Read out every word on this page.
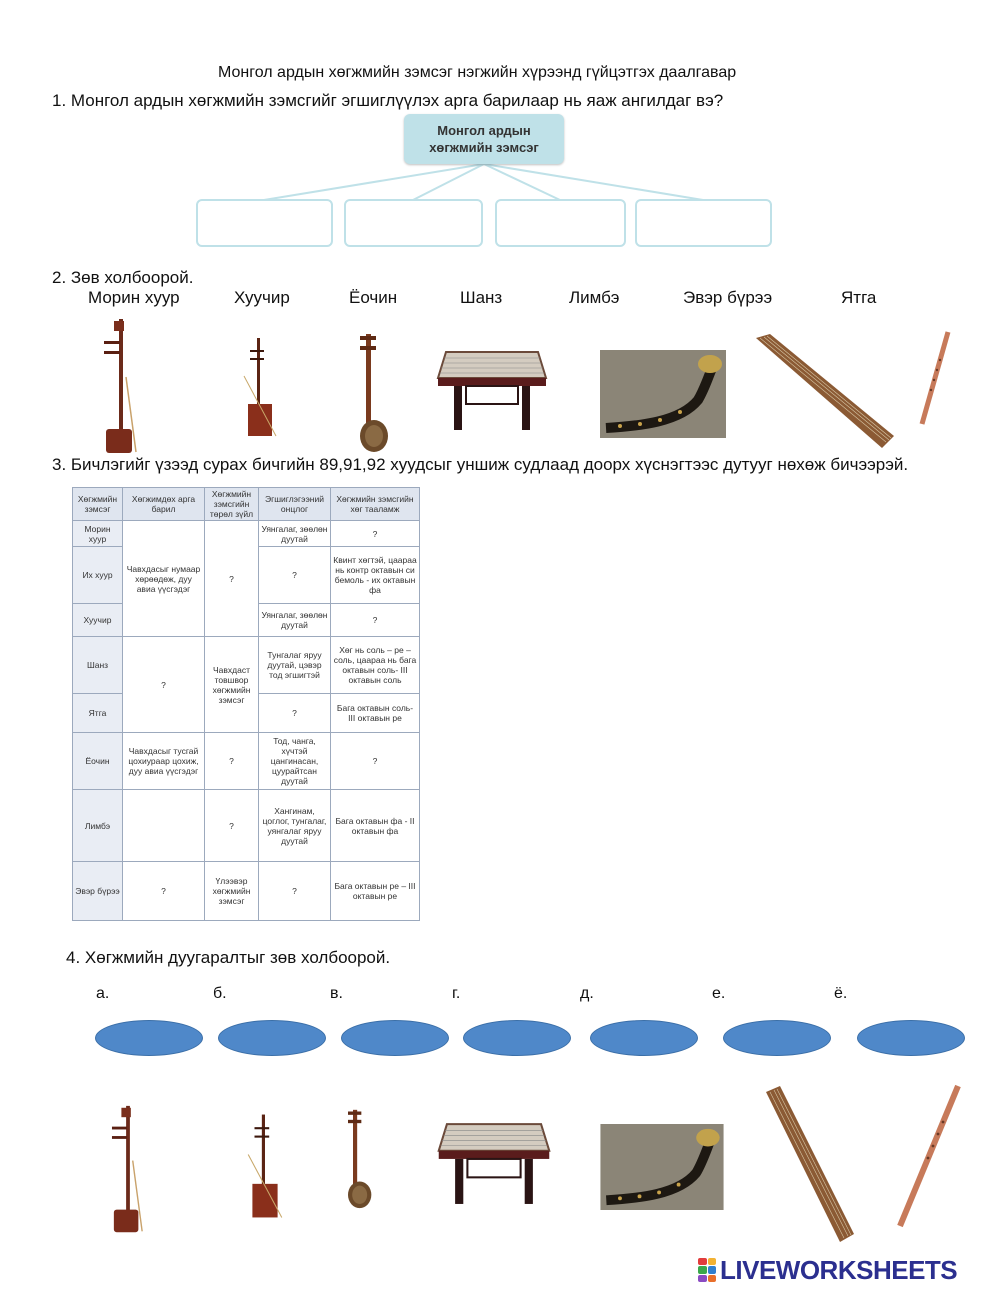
Монгол ардын хөгжмийн зэмсэг нэгжийн хүрээнд гүйцэтгэх даалгавар
1. Монгол ардын хөгжмийн зэмсгийг эгшиглүүлэх арга барилаар нь яаж ангилдаг вэ?
Монгол ардын
хөгжмийн зэмсэг
2. Зөв холбоорой.
Морин хуур	Хуучир	Ёочин	Шанз	Лимбэ	Эвэр бүрээ	Ятга
3. Бичлэгийг үзээд сурах бичгийн 89,91,92 хуудсыг уншиж судлаад доорх хүснэгтээс дутууг нөхөж бичээрэй.
Хөгжмийн зэмсэг	Хөгжимдөх арга барил	Хөгжмийн зэмсгийн төрөл зүйл	Эгшиглэгээний онцлог	Хөгжмийн зэмсгийн хөг тааламж
Морин хуур	Чавхдасыг нумаар хөрөөдөж, дуу авиа үүсгэдэг	?	Уянгалаг, зөөлөн дуутай	?
Их хуур			?	Квинт хөгтэй, цаараа нь контр октавын си бемоль - их октавын фа
Хуучир			Уянгалаг, зөөлөн дуутай	?
Шанз	?	Чавхдаст товшвор хөгжмийн зэмсэг	Тунгалаг яруу дуутай, цэвэр тод эгшигтэй	Хөг нь соль – ре – соль, цаараа нь бага октавын соль- III октавын соль
Ятга			?	Бага октавын соль- III октавын ре
Ёочин	Чавхдасыг тусгай цохиураар цохиж, дуу авиа үүсгэдэг	?	Тод, чанга, хүчтэй цангинасан, цуурайтсан дуутай	?
Лимбэ		?	Хангинам, цоглог, тунгалаг, уянгалаг яруу дуутай	Бага октавын фа - II октавын фа
Эвэр бүрээ	?	Үлээвэр хөгжмийн зэмсэг	?	Бага октавын ре – III октавын ре
4. Хөгжмийн дуугаралтыг зөв холбоорой.
а.	б.	в.	г.	д.	е.	ё.
LIVEWORKSHEETS
